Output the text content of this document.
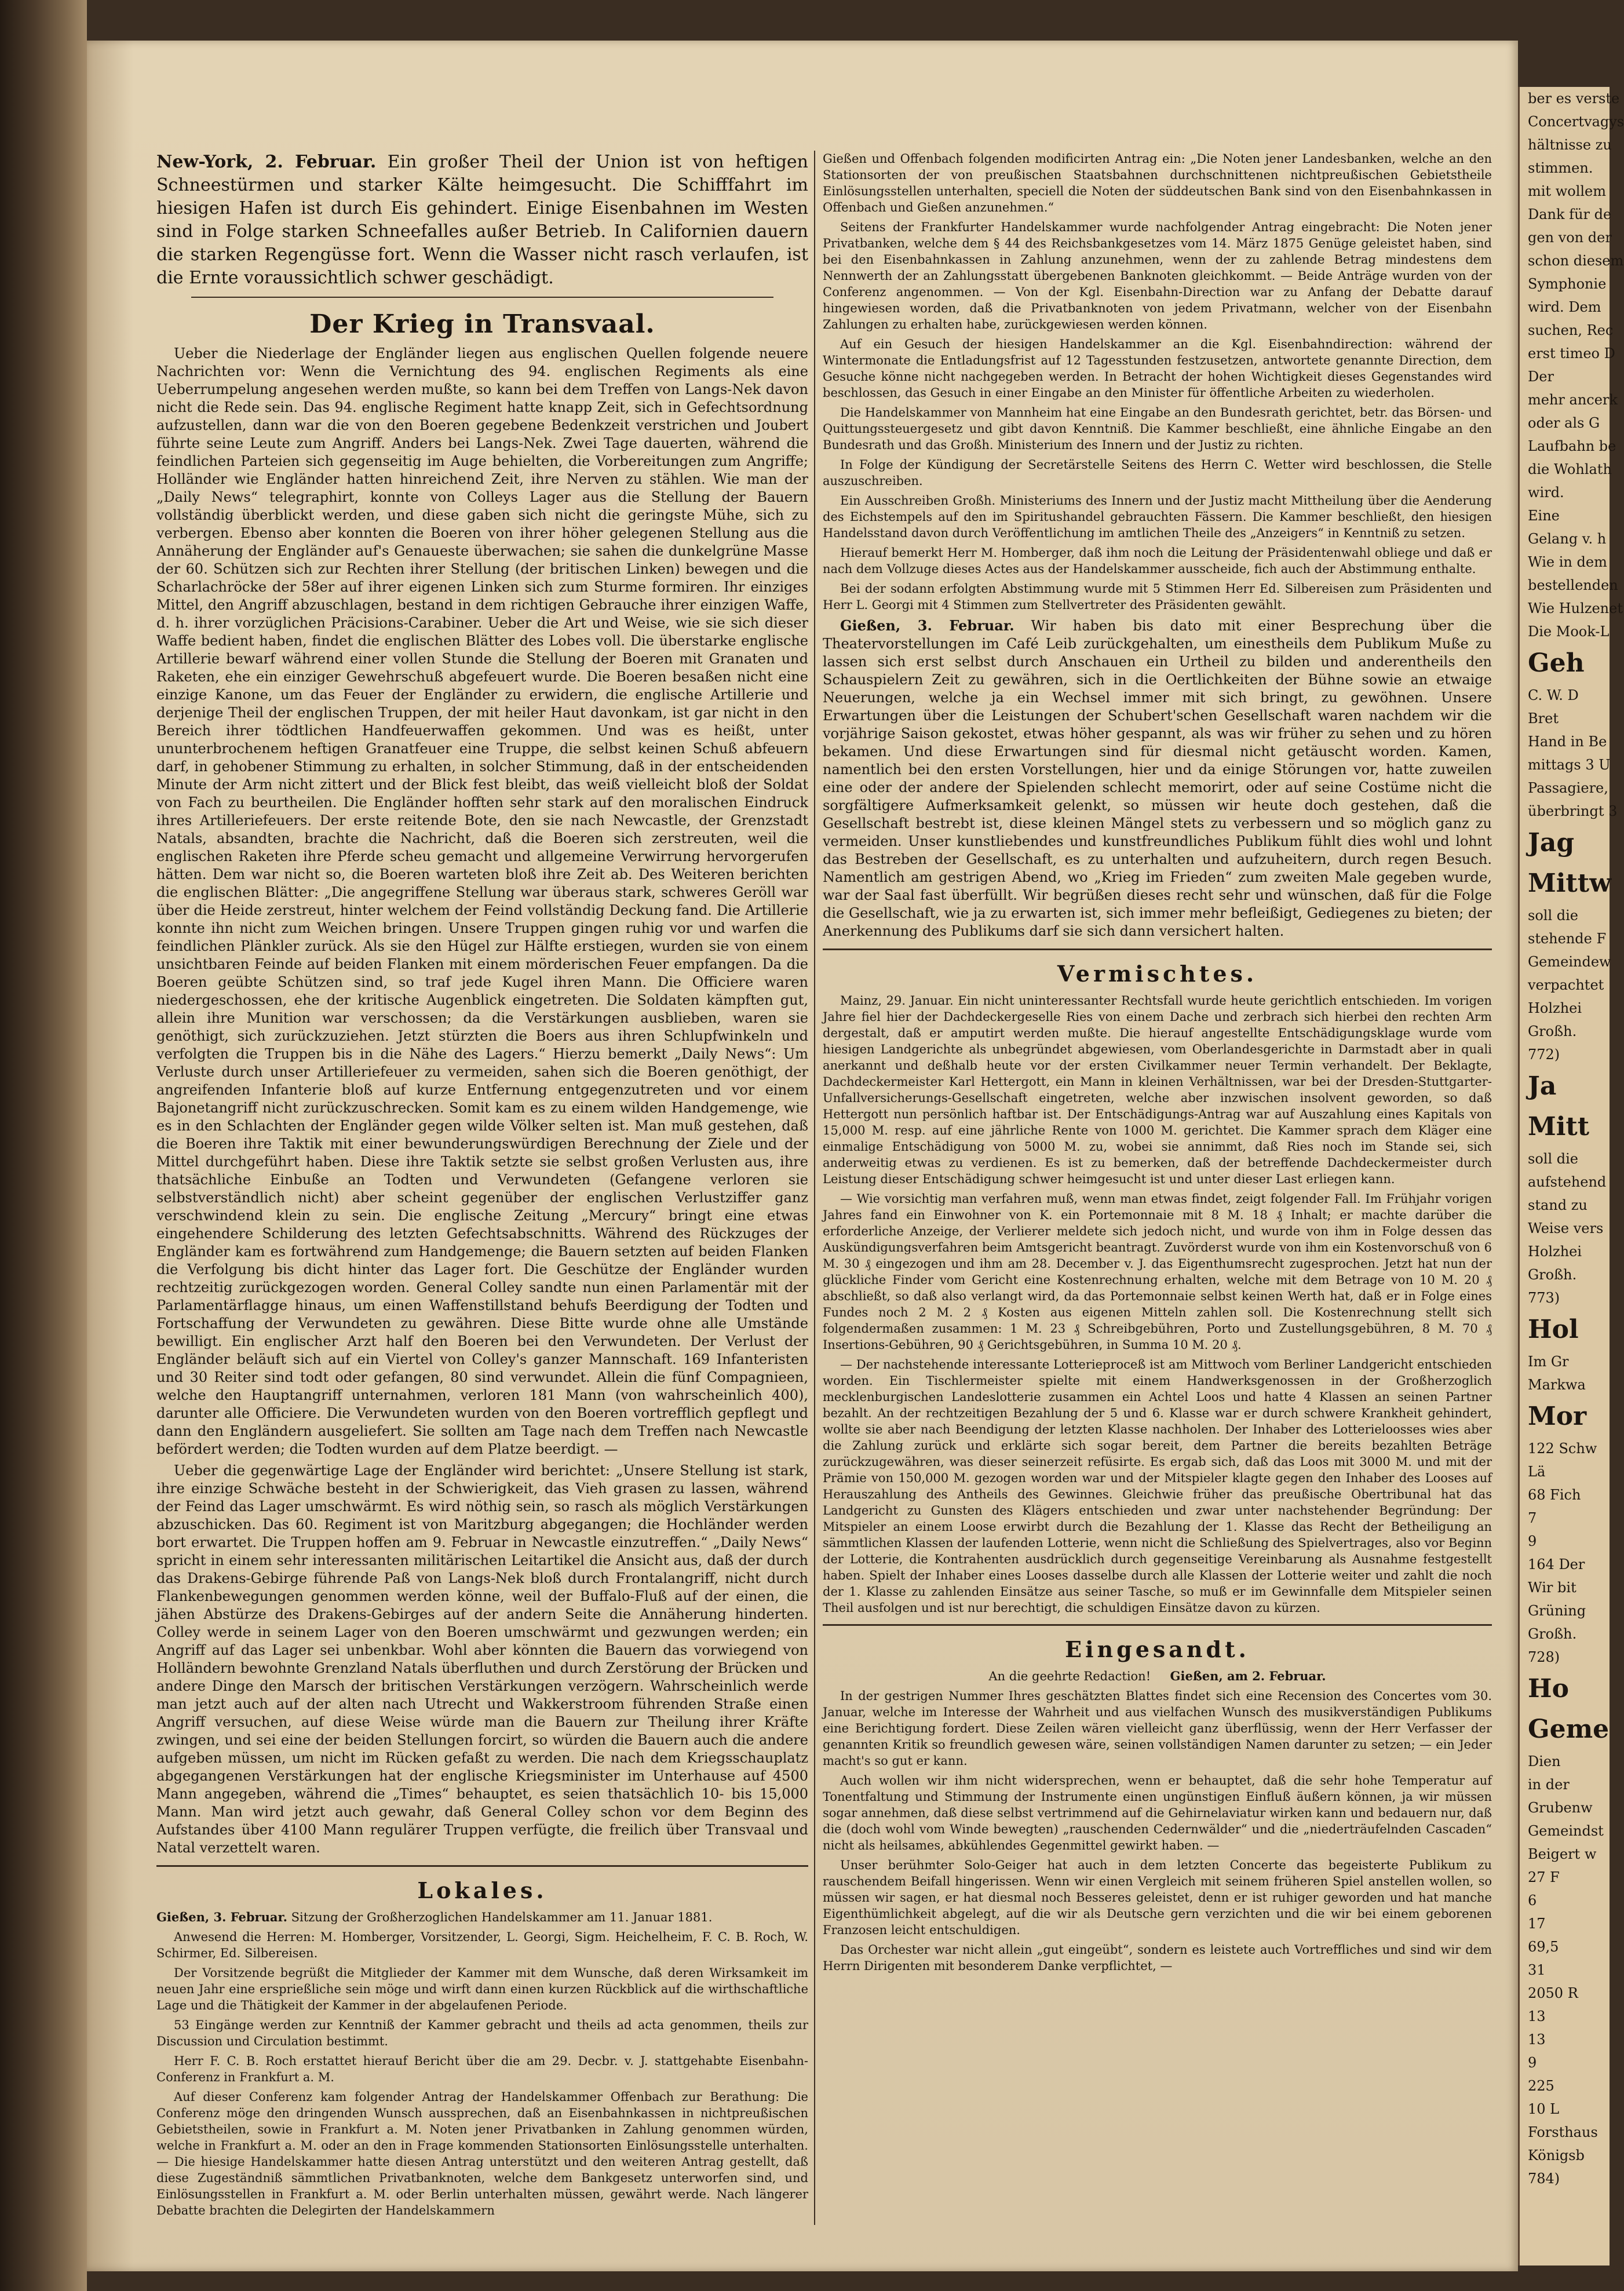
New-York, 2. Februar. Ein großer Theil der Union ist von heftigen Schneestürmen und starker Kälte heimgesucht. Die Schifffahrt im hiesigen Hafen ist durch Eis gehindert. Einige Eisenbahnen im Westen sind in Folge starken Schneefalles außer Betrieb. In Californien dauern die starken Regengüsse fort. Wenn die Wasser nicht rasch verlaufen, ist die Ernte voraussichtlich schwer geschädigt.

Der Krieg in Transvaal.

Ueber die Niederlage der Engländer liegen aus englischen Quellen folgende neuere Nachrichten vor: Wenn die Vernichtung des 94. englischen Regiments als eine Ueberrumpelung angesehen werden mußte, so kann bei dem Treffen von Langs-Nek davon nicht die Rede sein. Das 94. englische Regiment hatte knapp Zeit, sich in Gefechtsordnung aufzustellen, dann war die von den Boeren gegebene Bedenkzeit verstrichen und Joubert führte seine Leute zum Angriff. Anders bei Langs-Nek. Zwei Tage dauerten, während die feindlichen Parteien sich gegenseitig im Auge behielten, die Vorbereitungen zum Angriffe; Holländer wie Engländer hatten hinreichend Zeit, ihre Nerven zu stählen. Wie man der „Daily News“ telegraphirt, konnte von Colleys Lager aus die Stellung der Bauern vollständig überblickt werden, und diese gaben sich nicht die geringste Mühe, sich zu verbergen. Ebenso aber konnten die Boeren von ihrer höher gelegenen Stellung aus die Annäherung der Engländer auf's Genaueste überwachen; sie sahen die dunkelgrüne Masse der 60. Schützen sich zur Rechten ihrer Stellung (der britischen Linken) bewegen und die Scharlachröcke der 58er auf ihrer eigenen Linken sich zum Sturme formiren. Ihr einziges Mittel, den Angriff abzuschlagen, bestand in dem richtigen Gebrauche ihrer einzigen Waffe, d. h. ihrer vorzüglichen Präcisions-Carabiner. Ueber die Art und Weise, wie sie sich dieser Waffe bedient haben, findet die englischen Blätter des Lobes voll. Die überstarke englische Artillerie bewarf während einer vollen Stunde die Stellung der Boeren mit Granaten und Raketen, ehe ein einziger Gewehrschuß abgefeuert wurde. Die Boeren besaßen nicht eine einzige Kanone, um das Feuer der Engländer zu erwidern, die englische Artillerie und derjenige Theil der englischen Truppen, der mit heiler Haut davonkam, ist gar nicht in den Bereich ihrer tödtlichen Handfeuerwaffen gekommen. Und was es heißt, unter ununterbrochenem heftigen Granatfeuer eine Truppe, die selbst keinen Schuß abfeuern darf, in gehobener Stimmung zu erhalten, in solcher Stimmung, daß in der entscheidenden Minute der Arm nicht zittert und der Blick fest bleibt, das weiß vielleicht bloß der Soldat von Fach zu beurtheilen. Die Engländer hofften sehr stark auf den moralischen Eindruck ihres Artilleriefeuers. Der erste reitende Bote, den sie nach Newcastle, der Grenzstadt Natals, absandten, brachte die Nachricht, daß die Boeren sich zerstreuten, weil die englischen Raketen ihre Pferde scheu gemacht und allgemeine Verwirrung hervorgerufen hätten. Dem war nicht so, die Boeren warteten bloß ihre Zeit ab. Des Weiteren berichten die englischen Blätter: „Die angegriffene Stellung war überaus stark, schweres Geröll war über die Heide zerstreut, hinter welchem der Feind vollständig Deckung fand. Die Artillerie konnte ihn nicht zum Weichen bringen. Unsere Truppen gingen ruhig vor und warfen die feindlichen Plänkler zurück. Als sie den Hügel zur Hälfte erstiegen, wurden sie von einem unsichtbaren Feinde auf beiden Flanken mit einem mörderischen Feuer empfangen. Da die Boeren geübte Schützen sind, so traf jede Kugel ihren Mann. Die Officiere waren niedergeschossen, ehe der kritische Augenblick eingetreten. Die Soldaten kämpften gut, allein ihre Munition war verschossen; da die Verstärkungen ausblieben, waren sie genöthigt, sich zurückzuziehen. Jetzt stürzten die Boers aus ihren Schlupfwinkeln und verfolgten die Truppen bis in die Nähe des Lagers.“ Hierzu bemerkt „Daily News“: Um Verluste durch unser Artilleriefeuer zu vermeiden, sahen sich die Boeren genöthigt, der angreifenden Infanterie bloß auf kurze Entfernung entgegenzutreten und vor einem Bajonetangriff nicht zurückzuschrecken. Somit kam es zu einem wilden Handgemenge, wie es in den Schlachten der Engländer gegen wilde Völker selten ist. Man muß gestehen, daß die Boeren ihre Taktik mit einer bewunderungswürdigen Berechnung der Ziele und der Mittel durchgeführt haben. Diese ihre Taktik setzte sie selbst großen Verlusten aus, ihre thatsächliche Einbuße an Todten und Verwundeten (Gefangene verloren sie selbstverständlich nicht) aber scheint gegenüber der englischen Verlustziffer ganz verschwindend klein zu sein. Die englische Zeitung „Mercury“ bringt eine etwas eingehendere Schilderung des letzten Gefechtsabschnitts. Während des Rückzuges der Engländer kam es fortwährend zum Handgemenge; die Bauern setzten auf beiden Flanken die Verfolgung bis dicht hinter das Lager fort. Die Geschütze der Engländer wurden rechtzeitig zurückgezogen worden. General Colley sandte nun einen Parlamentär mit der Parlamentärflagge hinaus, um einen Waffenstillstand behufs Beerdigung der Todten und Fortschaffung der Verwundeten zu gewähren. Diese Bitte wurde ohne alle Umstände bewilligt. Ein englischer Arzt half den Boeren bei den Verwundeten. Der Verlust der Engländer beläuft sich auf ein Viertel von Colley's ganzer Mannschaft. 169 Infanteristen und 30 Reiter sind todt oder gefangen, 80 sind verwundet. Allein die fünf Compagnieen, welche den Hauptangriff unternahmen, verloren 181 Mann (von wahrscheinlich 400), darunter alle Officiere. Die Verwundeten wurden von den Boeren vortrefflich gepflegt und dann den Engländern ausgeliefert. Sie sollten am Tage nach dem Treffen nach Newcastle befördert werden; die Todten wurden auf dem Platze beerdigt. —

Ueber die gegenwärtige Lage der Engländer wird berichtet: „Unsere Stellung ist stark, ihre einzige Schwäche besteht in der Schwierigkeit, das Vieh grasen zu lassen, während der Feind das Lager umschwärmt. Es wird nöthig sein, so rasch als möglich Verstärkungen abzuschicken. Das 60. Regiment ist von Maritzburg abgegangen; die Hochländer werden bort erwartet. Die Truppen hoffen am 9. Februar in Newcastle einzutreffen.“ „Daily News“ spricht in einem sehr interessanten militärischen Leitartikel die Ansicht aus, daß der durch das Drakens-Gebirge führende Paß von Langs-Nek bloß durch Frontalangriff, nicht durch Flankenbewegungen genommen werden könne, weil der Buffalo-Fluß auf der einen, die jähen Abstürze des Drakens-Gebirges auf der andern Seite die Annäherung hinderten. Colley werde in seinem Lager von den Boeren umschwärmt und gezwungen werden; ein Angriff auf das Lager sei unbenkbar. Wohl aber könnten die Bauern das vorwiegend von Holländern bewohnte Grenzland Natals überfluthen und durch Zerstörung der Brücken und andere Dinge den Marsch der britischen Verstärkungen verzögern. Wahrscheinlich werde man jetzt auch auf der alten nach Utrecht und Wakkerstroom führenden Straße einen Angriff versuchen, auf diese Weise würde man die Bauern zur Theilung ihrer Kräfte zwingen, und sei eine der beiden Stellungen forcirt, so würden die Bauern auch die andere aufgeben müssen, um nicht im Rücken gefaßt zu werden. Die nach dem Kriegsschauplatz abgegangenen Verstärkungen hat der englische Kriegsminister im Unterhause auf 4500 Mann angegeben, während die „Times“ behauptet, es seien thatsächlich 10- bis 15,000 Mann. Man wird jetzt auch gewahr, daß General Colley schon vor dem Beginn des Aufstandes über 4100 Mann regulärer Truppen verfügte, die freilich über Transvaal und Natal verzettelt waren.

Lokales.

Gießen, 3. Februar. Sitzung der Großherzoglichen Handelskammer am 11. Januar 1881.

Anwesend die Herren: M. Homberger, Vorsitzender, L. Georgi, Sigm. Heichelheim, F. C. B. Roch, W. Schirmer, Ed. Silbereisen.

Der Vorsitzende begrüßt die Mitglieder der Kammer mit dem Wunsche, daß deren Wirksamkeit im neuen Jahr eine ersprießliche sein möge und wirft dann einen kurzen Rückblick auf die wirthschaftliche Lage und die Thätigkeit der Kammer in der abgelaufenen Periode.

53 Eingänge werden zur Kenntniß der Kammer gebracht und theils ad acta genommen, theils zur Discussion und Circulation bestimmt.

Herr F. C. B. Roch erstattet hierauf Bericht über die am 29. Decbr. v. J. stattgehabte Eisenbahn-Conferenz in Frankfurt a. M.

Auf dieser Conferenz kam folgender Antrag der Handelskammer Offenbach zur Berathung: Die Conferenz möge den dringenden Wunsch aussprechen, daß an Eisenbahnkassen in nichtpreußischen Gebietstheilen, sowie in Frankfurt a. M. Noten jener Privatbanken in Zahlung genommen würden, welche in Frankfurt a. M. oder an den in Frage kommenden Stationsorten Einlösungsstelle unterhalten. — Die hiesige Handelskammer hatte diesen Antrag unterstützt und den weiteren Antrag gestellt, daß diese Zugeständniß sämmtlichen Privatbanknoten, welche dem Bankgesetz unterworfen sind, und Einlösungsstellen in Frankfurt a. M. oder Berlin unterhalten müssen, gewährt werde. Nach längerer Debatte brachten die Delegirten der Handelskammern

Gießen und Offenbach folgenden modificirten Antrag ein: „Die Noten jener Landesbanken, welche an den Stationsorten der von preußischen Staatsbahnen durchschnittenen nichtpreußischen Gebietstheile Einlösungsstellen unterhalten, speciell die Noten der süddeutschen Bank sind von den Eisenbahnkassen in Offenbach und Gießen anzunehmen.“

Seitens der Frankfurter Handelskammer wurde nachfolgender Antrag eingebracht: Die Noten jener Privatbanken, welche dem § 44 des Reichsbankgesetzes vom 14. März 1875 Genüge geleistet haben, sind bei den Eisenbahnkassen in Zahlung anzunehmen, wenn der zu zahlende Betrag mindestens dem Nennwerth der an Zahlungsstatt übergebenen Banknoten gleichkommt. — Beide Anträge wurden von der Conferenz angenommen. — Von der Kgl. Eisenbahn-Direction war zu Anfang der Debatte darauf hingewiesen worden, daß die Privatbanknoten von jedem Privatmann, welcher von der Eisenbahn Zahlungen zu erhalten habe, zurückgewiesen werden können.

Auf ein Gesuch der hiesigen Handelskammer an die Kgl. Eisenbahndirection: während der Wintermonate die Entladungsfrist auf 12 Tagesstunden festzusetzen, antwortete genannte Direction, dem Gesuche könne nicht nachgegeben werden. In Betracht der hohen Wichtigkeit dieses Gegenstandes wird beschlossen, das Gesuch in einer Eingabe an den Minister für öffentliche Arbeiten zu wiederholen.

Die Handelskammer von Mannheim hat eine Eingabe an den Bundesrath gerichtet, betr. das Börsen- und Quittungssteuergesetz und gibt davon Kenntniß. Die Kammer beschließt, eine ähnliche Eingabe an den Bundesrath und das Großh. Ministerium des Innern und der Justiz zu richten.

In Folge der Kündigung der Secretärstelle Seitens des Herrn C. Wetter wird beschlossen, die Stelle auszuschreiben.

Ein Ausschreiben Großh. Ministeriums des Innern und der Justiz macht Mittheilung über die Aenderung des Eichstempels auf den im Spiritushandel gebrauchten Fässern. Die Kammer beschließt, den hiesigen Handelsstand davon durch Veröffentlichung im amtlichen Theile des „Anzeigers“ in Kenntniß zu setzen.

Hierauf bemerkt Herr M. Homberger, daß ihm noch die Leitung der Präsidentenwahl obliege und daß er nach dem Vollzuge dieses Actes aus der Handelskammer ausscheide, fich auch der Abstimmung enthalte.

Bei der sodann erfolgten Abstimmung wurde mit 5 Stimmen Herr Ed. Silbereisen zum Präsidenten und Herr L. Georgi mit 4 Stimmen zum Stellvertreter des Präsidenten gewählt.

Gießen, 3. Februar. Wir haben bis dato mit einer Besprechung über die Theatervorstellungen im Café Leib zurückgehalten, um einestheils dem Publikum Muße zu lassen sich erst selbst durch Anschauen ein Urtheil zu bilden und anderentheils den Schauspielern Zeit zu gewähren, sich in die Oertlichkeiten der Bühne sowie an etwaige Neuerungen, welche ja ein Wechsel immer mit sich bringt, zu gewöhnen. Unsere Erwartungen über die Leistungen der Schubert'schen Gesellschaft waren nachdem wir die vorjährige Saison gekostet, etwas höher gespannt, als was wir früher zu sehen und zu hören bekamen. Und diese Erwartungen sind für diesmal nicht getäuscht worden. Kamen, namentlich bei den ersten Vorstellungen, hier und da einige Störungen vor, hatte zuweilen eine oder der andere der Spielenden schlecht memorirt, oder auf seine Costüme nicht die sorgfältigere Aufmerksamkeit gelenkt, so müssen wir heute doch gestehen, daß die Gesellschaft bestrebt ist, diese kleinen Mängel stets zu verbessern und so möglich ganz zu vermeiden. Unser kunstliebendes und kunstfreundliches Publikum fühlt dies wohl und lohnt das Bestreben der Gesellschaft, es zu unterhalten und aufzuheitern, durch regen Besuch. Namentlich am gestrigen Abend, wo „Krieg im Frieden“ zum zweiten Male gegeben wurde, war der Saal fast überfüllt. Wir begrüßen dieses recht sehr und wünschen, daß für die Folge die Gesellschaft, wie ja zu erwarten ist, sich immer mehr befleißigt, Gediegenes zu bieten; der Anerkennung des Publikums darf sie sich dann versichert halten.

Vermischtes.

Mainz, 29. Januar. Ein nicht uninteressanter Rechtsfall wurde heute gerichtlich entschieden. Im vorigen Jahre fiel hier der Dachdeckergeselle Ries von einem Dache und zerbrach sich hierbei den rechten Arm dergestalt, daß er amputirt werden mußte. Die hierauf angestellte Entschädigungsklage wurde vom hiesigen Landgerichte als unbegründet abgewiesen, vom Oberlandesgerichte in Darmstadt aber in quali anerkannt und deßhalb heute vor der ersten Civilkammer neuer Termin verhandelt. Der Beklagte, Dachdeckermeister Karl Hettergott, ein Mann in kleinen Verhältnissen, war bei der Dresden-Stuttgarter-Unfallversicherungs-Gesellschaft eingetreten, welche aber inzwischen insolvent geworden, so daß Hettergott nun persönlich haftbar ist. Der Entschädigungs-Antrag war auf Auszahlung eines Kapitals von 15,000 M. resp. auf eine jährliche Rente von 1000 M. gerichtet. Die Kammer sprach dem Kläger eine einmalige Entschädigung von 5000 M. zu, wobei sie annimmt, daß Ries noch im Stande sei, sich anderweitig etwas zu verdienen. Es ist zu bemerken, daß der betreffende Dachdeckermeister durch Leistung dieser Entschädigung schwer heimgesucht ist und unter dieser Last erliegen kann.

— Wie vorsichtig man verfahren muß, wenn man etwas findet, zeigt folgender Fall. Im Frühjahr vorigen Jahres fand ein Einwohner von K. ein Portemonnaie mit 8 M. 18 ₰ Inhalt; er machte darüber die erforderliche Anzeige, der Verlierer meldete sich jedoch nicht, und wurde von ihm in Folge dessen das Auskündigungsverfahren beim Amtsgericht beantragt. Zuvörderst wurde von ihm ein Kostenvorschuß von 6 M. 30 ₰ eingezogen und ihm am 28. December v. J. das Eigenthumsrecht zugesprochen. Jetzt hat nun der glückliche Finder vom Gericht eine Kostenrechnung erhalten, welche mit dem Betrage von 10 M. 20 ₰ abschließt, so daß also verlangt wird, da das Portemonnaie selbst keinen Werth hat, daß er in Folge eines Fundes noch 2 M. 2 ₰ Kosten aus eigenen Mitteln zahlen soll. Die Kostenrechnung stellt sich folgendermaßen zusammen: 1 M. 23 ₰ Schreibgebühren, Porto und Zustellungsgebühren, 8 M. 70 ₰ Insertions-Gebühren, 90 ₰ Gerichtsgebühren, in Summa 10 M. 20 ₰.

— Der nachstehende interessante Lotterieproceß ist am Mittwoch vom Berliner Landgericht entschieden worden. Ein Tischlermeister spielte mit einem Handwerksgenossen in der Großherzoglich mecklenburgischen Landeslotterie zusammen ein Achtel Loos und hatte 4 Klassen an seinen Partner bezahlt. An der rechtzeitigen Bezahlung der 5 und 6. Klasse war er durch schwere Krankheit gehindert, wollte sie aber nach Beendigung der letzten Klasse nachholen. Der Inhaber des Lotterieloosses wies aber die Zahlung zurück und erklärte sich sogar bereit, dem Partner die bereits bezahlten Beträge zurückzugewähren, was dieser seinerzeit refüsirte. Es ergab sich, daß das Loos mit 3000 M. und mit der Prämie von 150,000 M. gezogen worden war und der Mitspieler klagte gegen den Inhaber des Looses auf Herauszahlung des Antheils des Gewinnes. Gleichwie früher das preußische Obertribunal hat das Landgericht zu Gunsten des Klägers entschieden und zwar unter nachstehender Begründung: Der Mitspieler an einem Loose erwirbt durch die Bezahlung der 1. Klasse das Recht der Betheiligung an sämmtlichen Klassen der laufenden Lotterie, wenn nicht die Schließung des Spielvertrages, also vor Beginn der Lotterie, die Kontrahenten ausdrücklich durch gegenseitige Vereinbarung als Ausnahme festgestellt haben. Spielt der Inhaber eines Looses dasselbe durch alle Klassen der Lotterie weiter und zahlt die noch der 1. Klasse zu zahlenden Einsätze aus seiner Tasche, so muß er im Gewinnfalle dem Mitspieler seinen Theil ausfolgen und ist nur berechtigt, die schuldigen Einsätze davon zu kürzen.

Eingesandt.

An die geehrte Redaction! Gießen, am 2. Februar.

In der gestrigen Nummer Ihres geschätzten Blattes findet sich eine Recension des Concertes vom 30. Januar, welche im Interesse der Wahrheit und aus vielfachen Wunsch des musikverständigen Publikums eine Berichtigung fordert. Diese Zeilen wären vielleicht ganz überflüssig, wenn der Herr Verfasser der genannten Kritik so freundlich gewesen wäre, seinen vollständigen Namen darunter zu setzen; — ein Jeder macht's so gut er kann.

Auch wollen wir ihm nicht widersprechen, wenn er behauptet, daß die sehr hohe Temperatur auf Tonentfaltung und Stimmung der Instrumente einen ungünstigen Einfluß äußern können, ja wir müssen sogar annehmen, daß diese selbst vertrimmend auf die Gehirnelaviatur wirken kann und bedauern nur, daß die (doch wohl vom Winde bewegten) „rauschenden Cedernwälder“ und die „niederträufelnden Cascaden“ nicht als heilsames, abkühlendes Gegenmittel gewirkt haben. —

Unser berühmter Solo-Geiger hat auch in dem letzten Concerte das begeisterte Publikum zu rauschendem Beifall hingerissen. Wenn wir einen Vergleich mit seinem früheren Spiel anstellen wollen, so müssen wir sagen, er hat diesmal noch Besseres geleistet, denn er ist ruhiger geworden und hat manche Eigenthümlichkeit abgelegt, auf die wir als Deutsche gern verzichten und die wir bei einem geborenen Franzosen leicht entschuldigen.

Das Orchester war nicht allein „gut eingeübt“, sondern es leistete auch Vortreffliches und sind wir dem Herrn Dirigenten mit besonderem Danke verpflichtet, —

ber es verste
Concertvagys
hältnisse zu
stimmen.
mit wollem
Dank für de
gen von der
schon diesem
Symphonie
wird. Dem
suchen, Rec
erst timeo D
Der
mehr ancerk
oder als G
Laufbahn be
die Wohlath
wird.
Eine
Gelang v. h
Wie in dem
bestellenden
Wie Hulzenet
Die Mook-L
Geh
C. W. D
Bret
Hand in Be
mittags 3 U
Passagiere,
überbringt 3
Jag
Mittw
soll die
stehende F
Gemeindew
verpachtet
Holzhei
Großh.
772)
Ja
Mitt
soll die
aufstehend
stand zu
Weise vers
Holzhei
Großh.
773)
Hol
Im Gr
Markwa
Mor
122 Schw
Lä
68 Fich
7
9
164 Der
Wir bit
Grüning
Großh.
728)
Ho
Geme
Dien
in der
Grubenw
Gemeindst
Beigert w
27 F
6
17
69,5
31
2050 R
13
13
9
225
10 L
Forsthaus
Königsb
784)
